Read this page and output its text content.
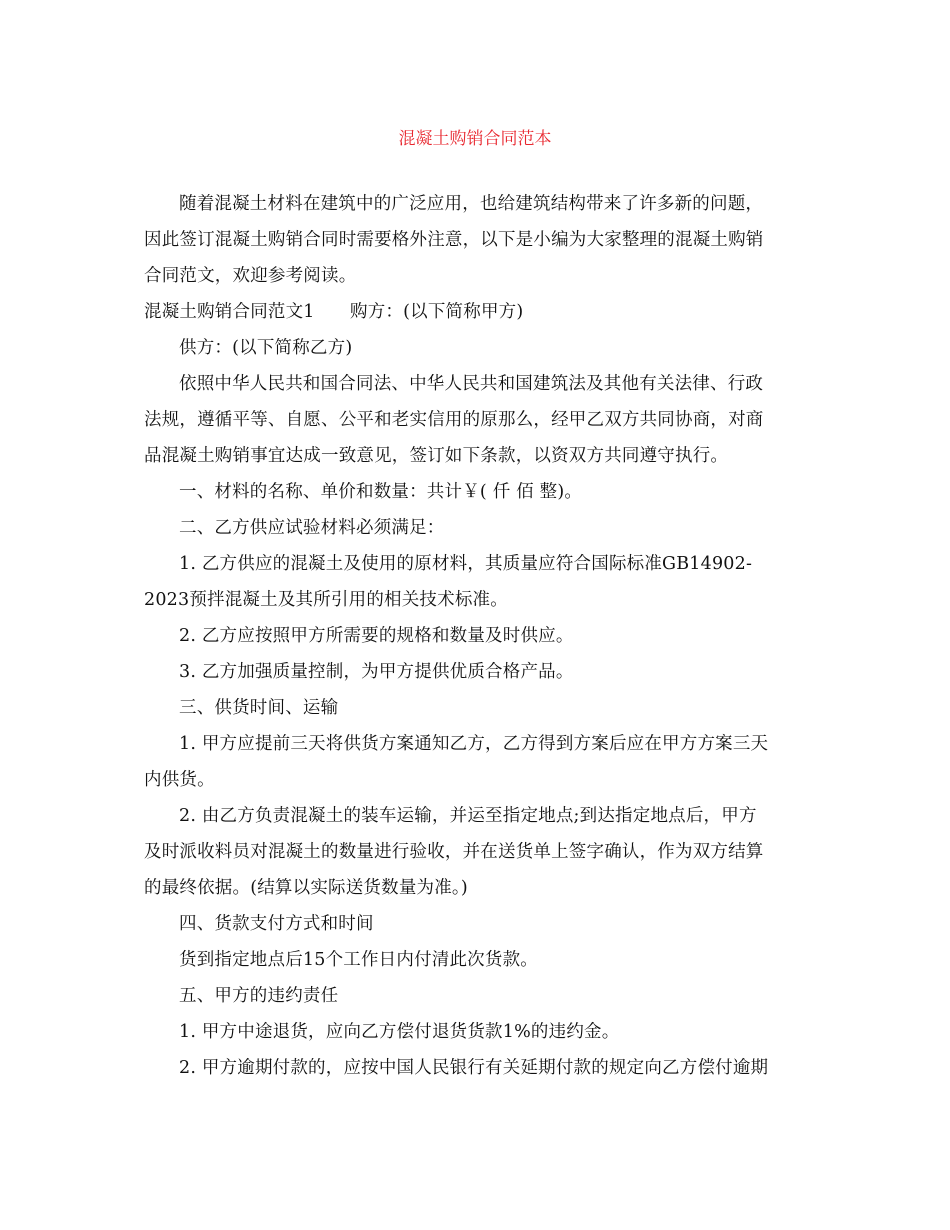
混凝土购销合同范本
随着混凝土材料在建筑中的广泛应用，也给建筑结构带来了许多新的问题，
因此签订混凝土购销合同时需要格外注意，以下是小编为大家整理的混凝土购销
合同范文，欢迎参考阅读。
混凝土购销合同范文1　　购方：(以下简称甲方)
供方：(以下简称乙方)
依照中华人民共和国合同法、中华人民共和国建筑法及其他有关法律、行政
法规，遵循平等、自愿、公平和老实信用的原那么，经甲乙双方共同协商，对商
品混凝土购销事宜达成一致意见，签订如下条款，以资双方共同遵守执行。
一、材料的名称、单价和数量：共计￥( 仟 佰 整)。
二、乙方供应试验材料必须满足：
1. 乙方供应的混凝土及使用的原材料，其质量应符合国际标准GB14902-
2023预拌混凝土及其所引用的相关技术标准。
2. 乙方应按照甲方所需要的规格和数量及时供应。
3. 乙方加强质量控制，为甲方提供优质合格产品。
三、供货时间、运输
1. 甲方应提前三天将供货方案通知乙方，乙方得到方案后应在甲方方案三天
内供货。
2. 由乙方负责混凝土的装车运输，并运至指定地点;到达指定地点后，甲方
及时派收料员对混凝土的数量进行验收，并在送货单上签字确认，作为双方结算
的最终依据。(结算以实际送货数量为准。)
四、货款支付方式和时间
货到指定地点后15个工作日内付清此次货款。
五、甲方的违约责任
1. 甲方中途退货，应向乙方偿付退货货款1%的违约金。
2. 甲方逾期付款的，应按中国人民银行有关延期付款的规定向乙方偿付逾期
